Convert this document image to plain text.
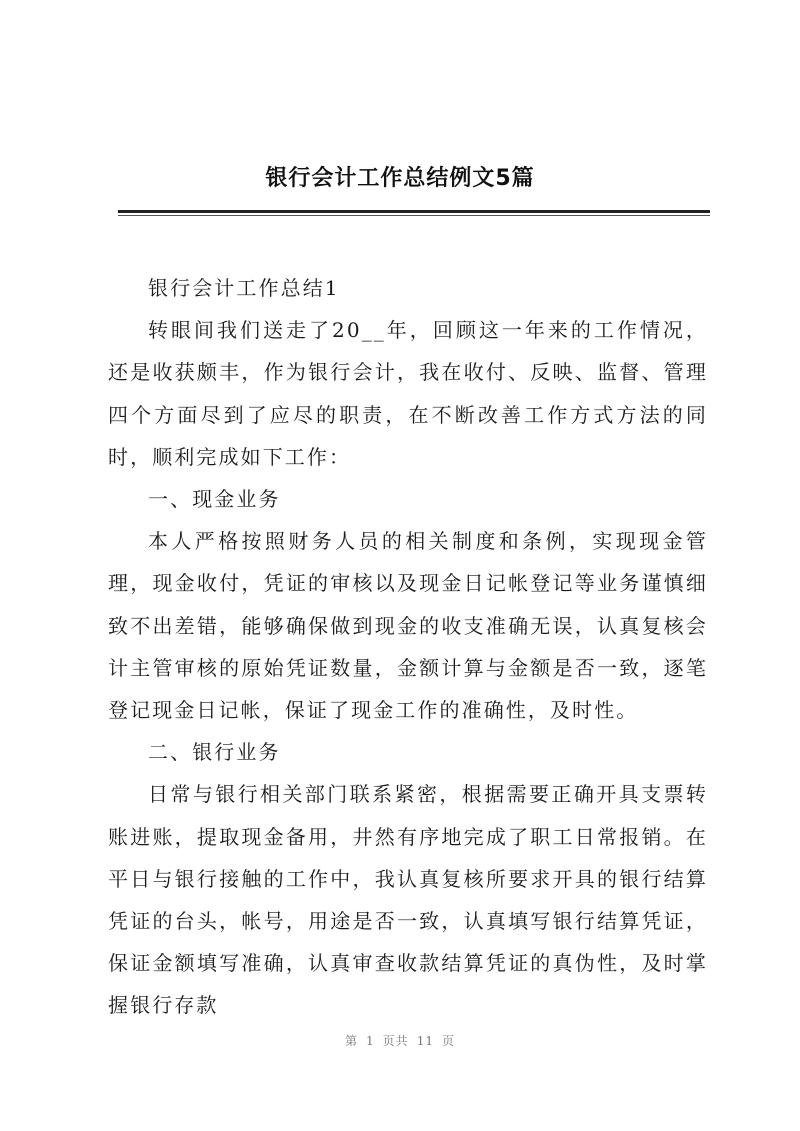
银行会计工作总结例文5篇

银行会计工作总结1

转眼间我们送走了20__年，回顾这一年来的工作情况，还是收获颇丰，作为银行会计，我在收付、反映、监督、管理四个方面尽到了应尽的职责，在不断改善工作方式方法的同时，顺利完成如下工作：

一、现金业务

本人严格按照财务人员的相关制度和条例，实现现金管理，现金收付，凭证的审核以及现金日记帐登记等业务谨慎细致不出差错，能够确保做到现金的收支准确无误，认真复核会计主管审核的原始凭证数量，金额计算与金额是否一致，逐笔登记现金日记帐，保证了现金工作的准确性，及时性。

二、银行业务

日常与银行相关部门联系紧密，根据需要正确开具支票转账进账，提取现金备用，井然有序地完成了职工日常报销。在平日与银行接触的工作中，我认真复核所要求开具的银行结算凭证的台头，帐号，用途是否一致，认真填写银行结算凭证，保证金额填写准确，认真审查收款结算凭证的真伪性，及时掌握银行存款

第 1 页共 11 页
